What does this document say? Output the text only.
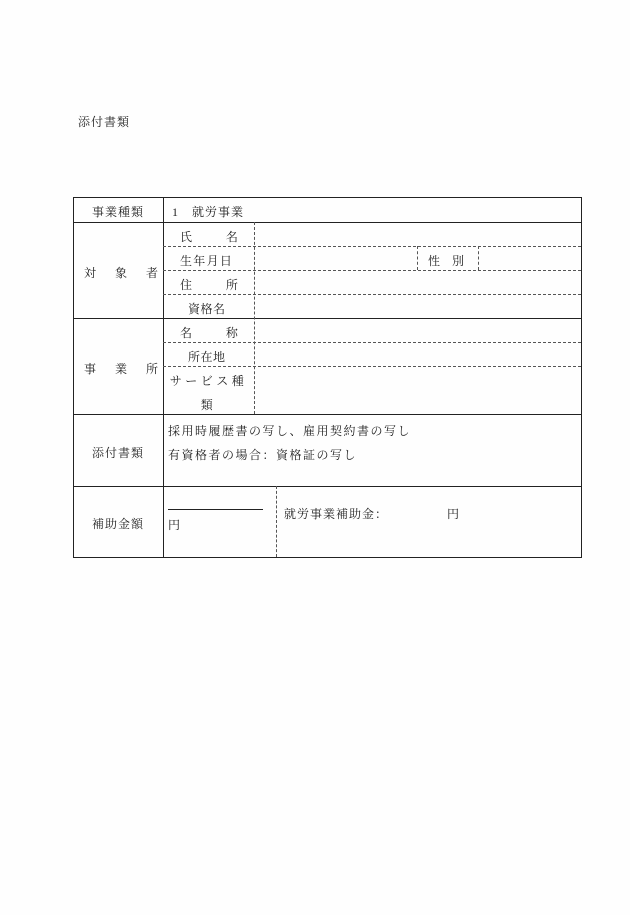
添付書類
事業種類 1　就労事業
対　象　者
氏　　名
生年月日	性　別
住　　所
資格名
事　業　所
名　　称
所在地
サービス種類
添付書類
採用時履歴書の写し、雇用契約書の写し
有資格者の場合：資格証の写し
補助金額 円
就労事業補助金：	円
